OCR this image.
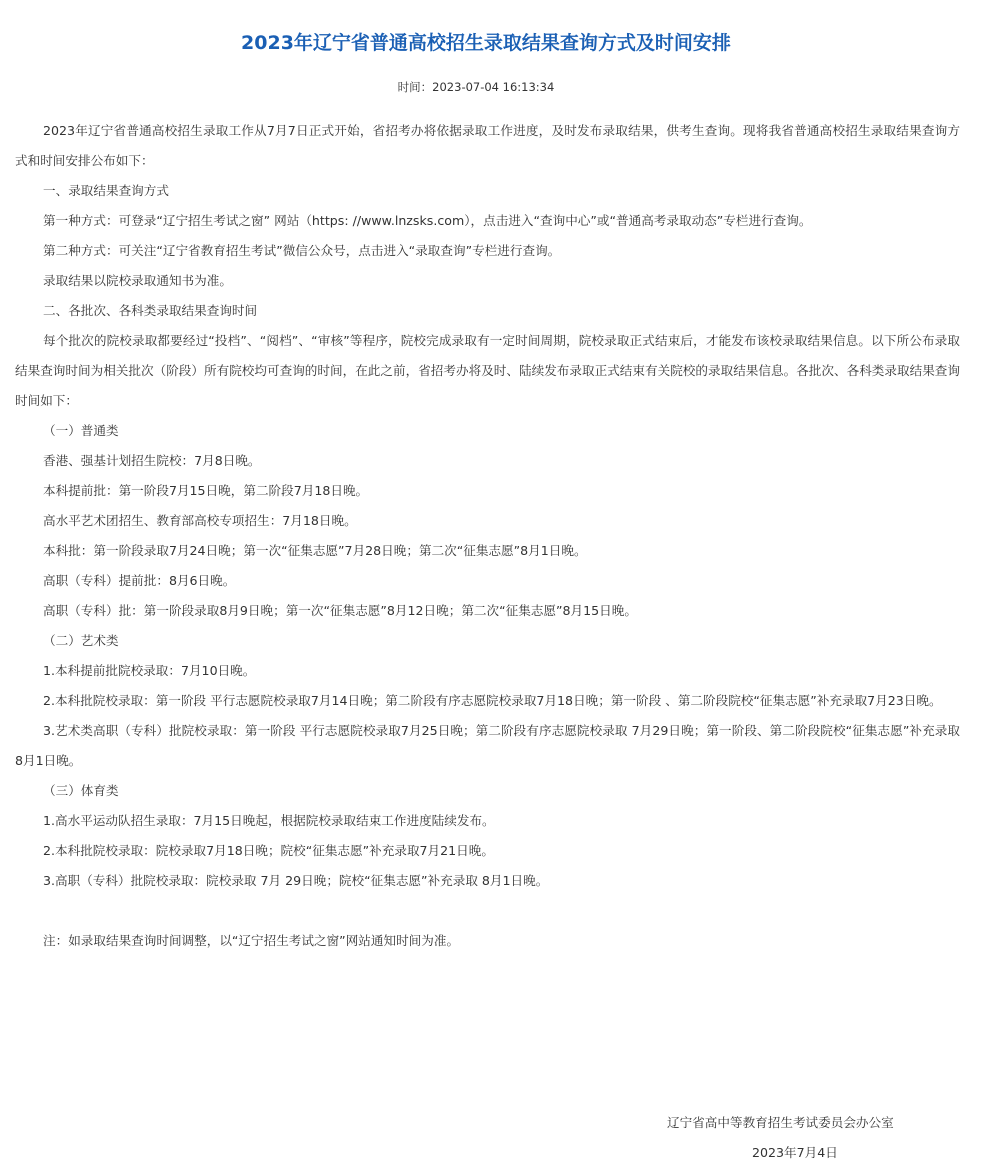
2023年辽宁省普通高校招生录取结果查询方式及时间安排
时间：2023-07-04 16:13:34

2023年辽宁省普通高校招生录取工作从7月7日正式开始，省招考办将依据录取工作进度，及时发布录取结果，供考生查询。现将我省普通高校招生录取结果查询方式和时间安排公布如下：

一、录取结果查询方式

第一种方式：可登录“辽宁招生考试之窗” 网站（https: //www.lnzsks.com），点击进入“查询中心”或“普通高考录取动态”专栏进行查询。

第二种方式：可关注“辽宁省教育招生考试”微信公众号，点击进入“录取查询”专栏进行查询。

录取结果以院校录取通知书为准。

二、各批次、各科类录取结果查询时间

每个批次的院校录取都要经过“投档”、“阅档”、“审核”等程序，院校完成录取有一定时间周期，院校录取正式结束后，才能发布该校录取结果信息。以下所公布录取结果查询时间为相关批次（阶段）所有院校均可查询的时间，在此之前，省招考办将及时、陆续发布录取正式结束有关院校的录取结果信息。各批次、各科类录取结果查询时间如下：

（一）普通类

香港、强基计划招生院校：7月8日晚。

本科提前批：第一阶段7月15日晚，第二阶段7月18日晚。

高水平艺术团招生、教育部高校专项招生：7月18日晚。

本科批：第一阶段录取7月24日晚；第一次“征集志愿”7月28日晚；第二次“征集志愿”8月1日晚。

高职（专科）提前批：8月6日晚。

高职（专科）批：第一阶段录取8月9日晚；第一次“征集志愿”8月12日晚；第二次“征集志愿”8月15日晚。

（二）艺术类

1.本科提前批院校录取：7月10日晚。

2.本科批院校录取：第一阶段 平行志愿院校录取7月14日晚；第二阶段有序志愿院校录取7月18日晚；第一阶段 、第二阶段院校“征集志愿”补充录取7月23日晚。

3.艺术类高职（专科）批院校录取：第一阶段 平行志愿院校录取7月25日晚；第二阶段有序志愿院校录取 7月29日晚；第一阶段、第二阶段院校“征集志愿”补充录取 8月1日晚。

（三）体育类

1.高水平运动队招生录取：7月15日晚起，根据院校录取结束工作进度陆续发布。

2.本科批院校录取：院校录取7月18日晚；院校“征集志愿”补充录取7月21日晚。

3.高职（专科）批院校录取：院校录取 7月 29日晚；院校“征集志愿”补充录取 8月1日晚。

注：如录取结果查询时间调整，以“辽宁招生考试之窗”网站通知时间为准。

辽宁省高中等教育招生考试委员会办公室
2023年7月4日
